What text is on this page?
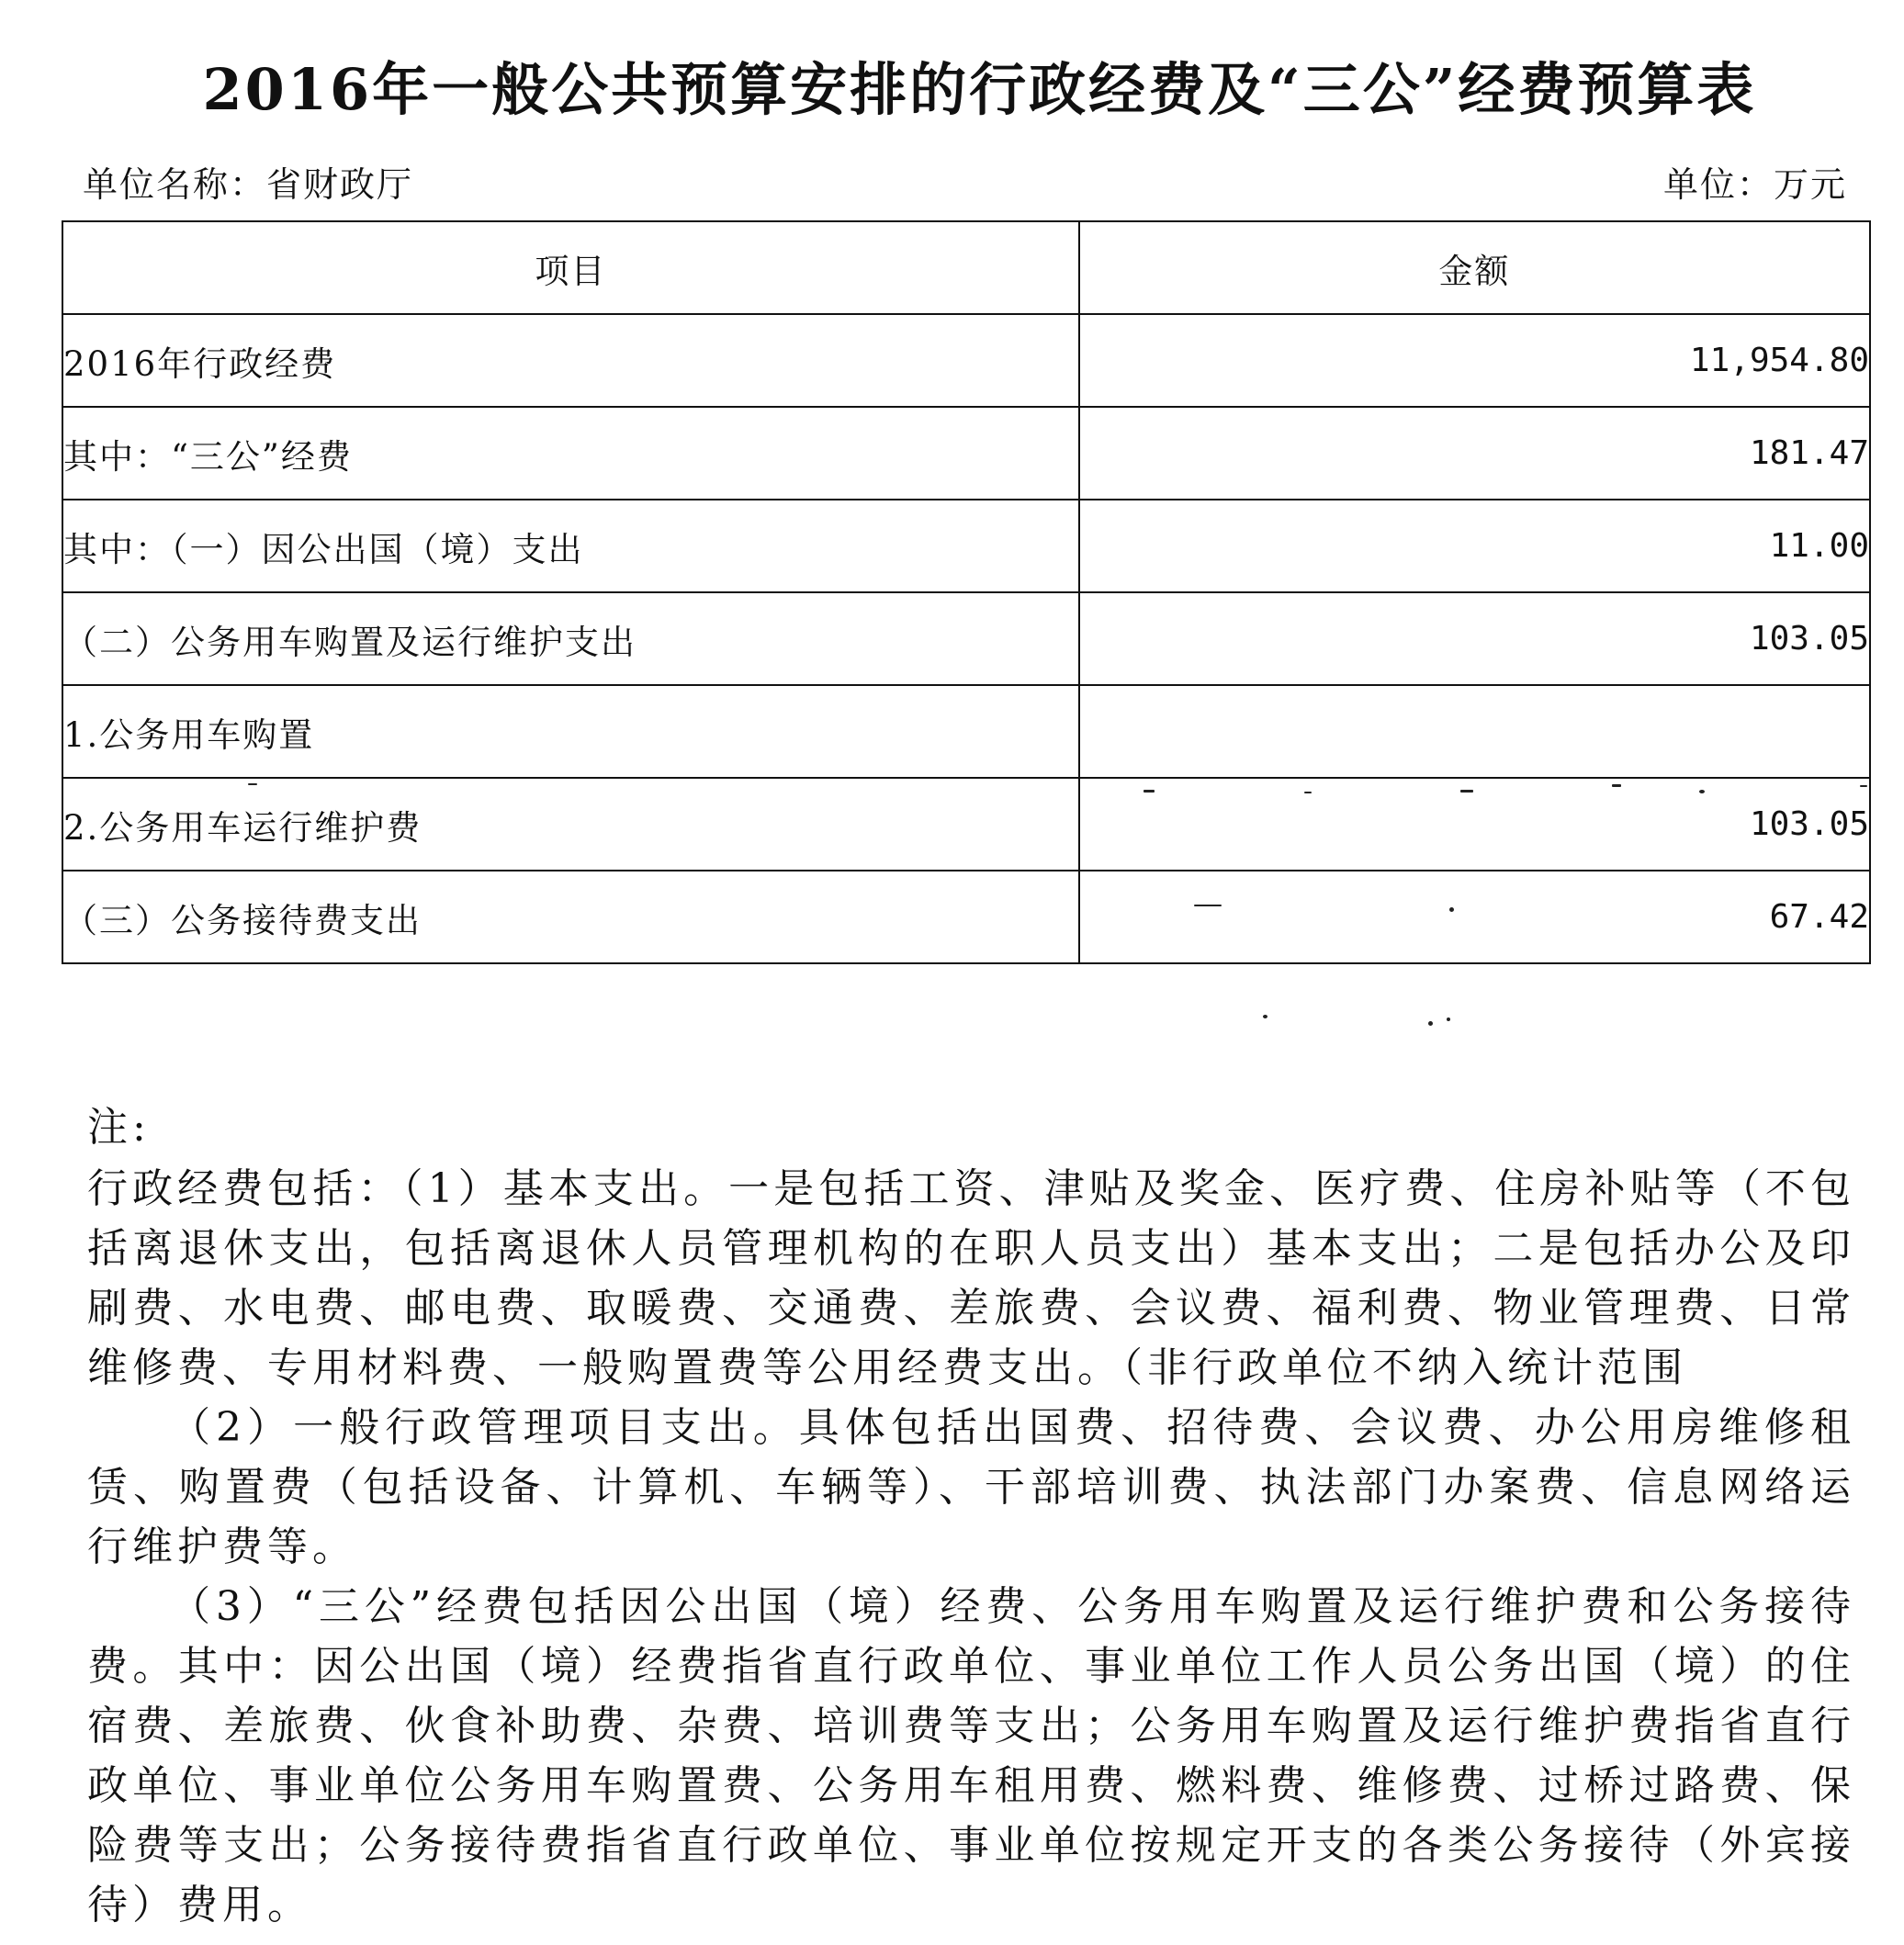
2016年一般公共预算安排的行政经费及“三公”经费预算表
单位名称：省财政厅	单位：万元
项目	金额
2016年行政经费	11,954.80
其中：“三公”经费	181.47
其中：（一）因公出国（境）支出	11.00
（二）公务用车购置及运行维护支出	103.05
1.公务用车购置	
2.公务用车运行维护费	103.05
（三）公务接待费支出	67.42

注:

行政经费包括：（1）基本支出。一是包括工资、津贴及奖金、医疗费、住房补贴等（不包括离退休支出，包括离退休人员管理机构的在职人员支出）基本支出；二是包括办公及印刷费、水电费、邮电费、取暖费、交通费、差旅费、会议费、福利费、物业管理费、日常维修费、专用材料费、一般购置费等公用经费支出。（非行政单位不纳入统计范围

（2）一般行政管理项目支出。具体包括出国费、招待费、会议费、办公用房维修租赁、购置费（包括设备、计算机、车辆等）、干部培训费、执法部门办案费、信息网络运行维护费等。

（3）“三公”经费包括因公出国（境）经费、公务用车购置及运行维护费和公务接待费。其中：因公出国（境）经费指省直行政单位、事业单位工作人员公务出国（境）的住宿费、差旅费、伙食补助费、杂费、培训费等支出；公务用车购置及运行维护费指省直行政单位、事业单位公务用车购置费、公务用车租用费、燃料费、维修费、过桥过路费、保险费等支出；公务接待费指省直行政单位、事业单位按规定开支的各类公务接待（外宾接待）费用。
